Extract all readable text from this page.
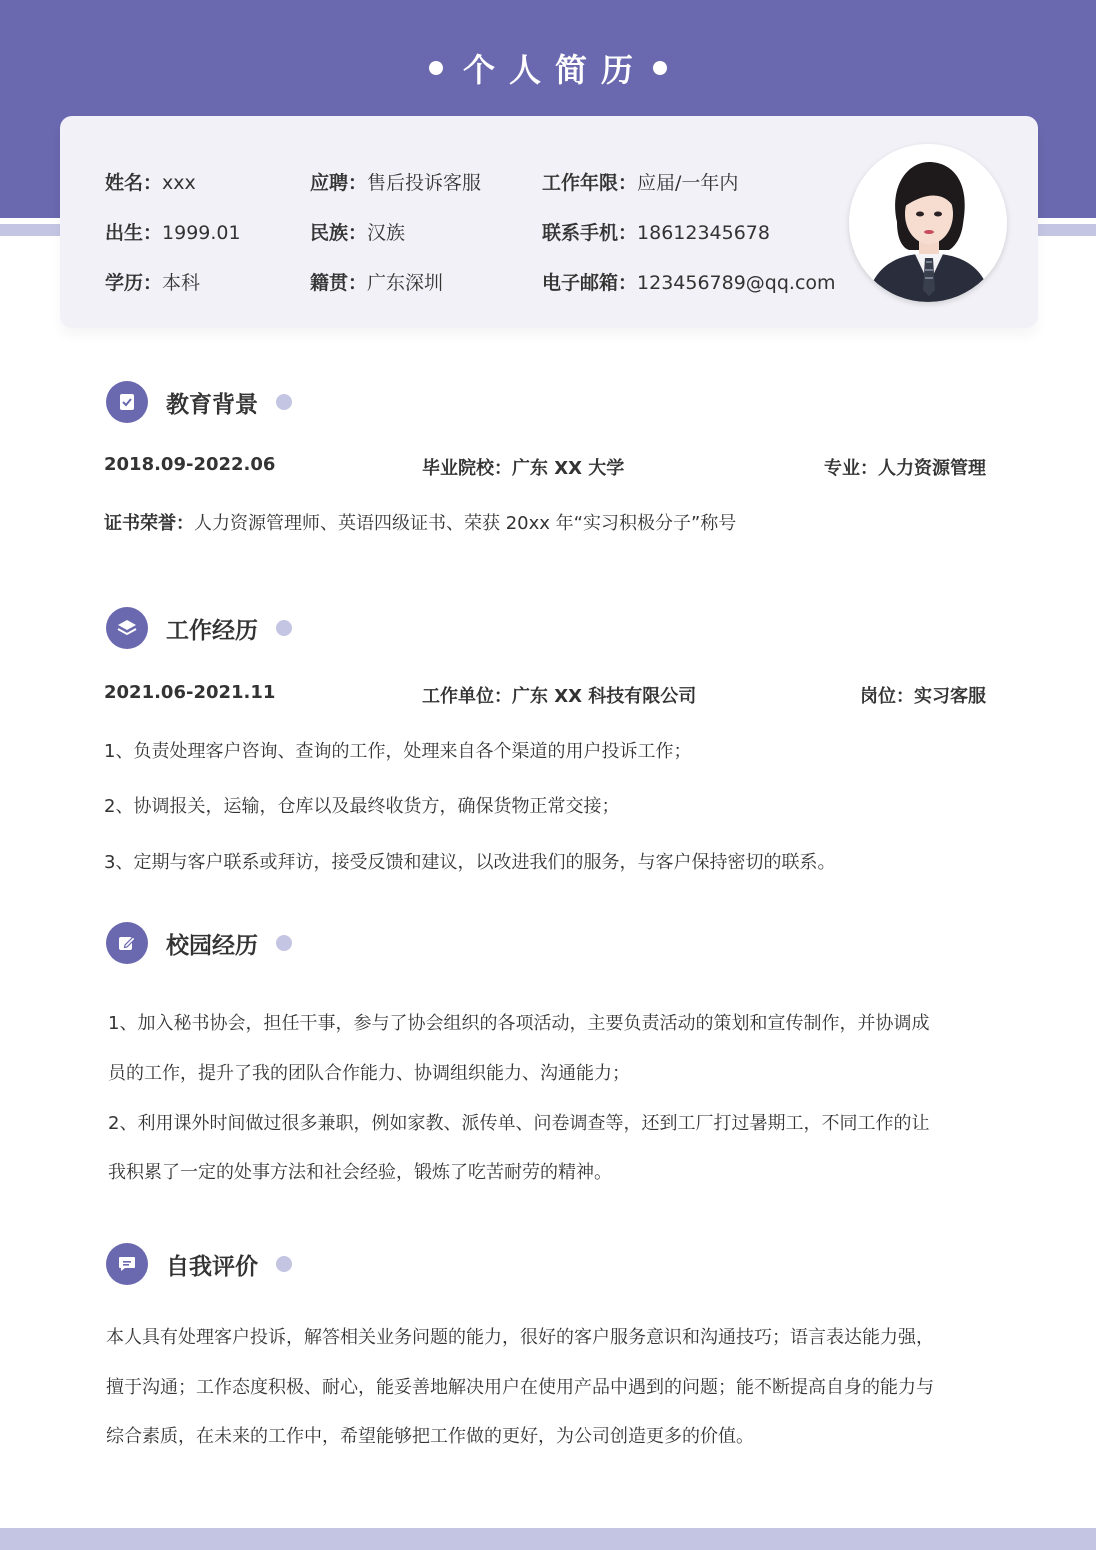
个人简历
姓名：xxx	应聘：售后投诉客服	工作年限：应届/一年内
出生：1999.01	民族：汉族	联系手机：18612345678
学历：本科	籍贯：广东深圳	电子邮箱：123456789@qq.com
教育背景
2018.09-2022.06	毕业院校：广东 XX 大学	专业：人力资源管理
证书荣誉：人力资源管理师、英语四级证书、荣获 20xx 年“实习积极分子”称号
工作经历
2021.06-2021.11	工作单位：广东 XX 科技有限公司	岗位：实习客服
1、负责处理客户咨询、查询的工作，处理来自各个渠道的用户投诉工作；
2、协调报关，运输，仓库以及最终收货方，确保货物正常交接；
3、定期与客户联系或拜访，接受反馈和建议，以改进我们的服务，与客户保持密切的联系。
校园经历
1、加入秘书协会，担任干事，参与了协会组织的各项活动，主要负责活动的策划和宣传制作，并协调成
员的工作，提升了我的团队合作能力、协调组织能力、沟通能力；
2、利用课外时间做过很多兼职，例如家教、派传单、问卷调查等，还到工厂打过暑期工，不同工作的让
我积累了一定的处事方法和社会经验，锻炼了吃苦耐劳的精神。
自我评价
本人具有处理客户投诉，解答相关业务问题的能力，很好的客户服务意识和沟通技巧；语言表达能力强，
擅于沟通；工作态度积极、耐心，能妥善地解决用户在使用产品中遇到的问题；能不断提高自身的能力与
综合素质，在未来的工作中，希望能够把工作做的更好，为公司创造更多的价值。
